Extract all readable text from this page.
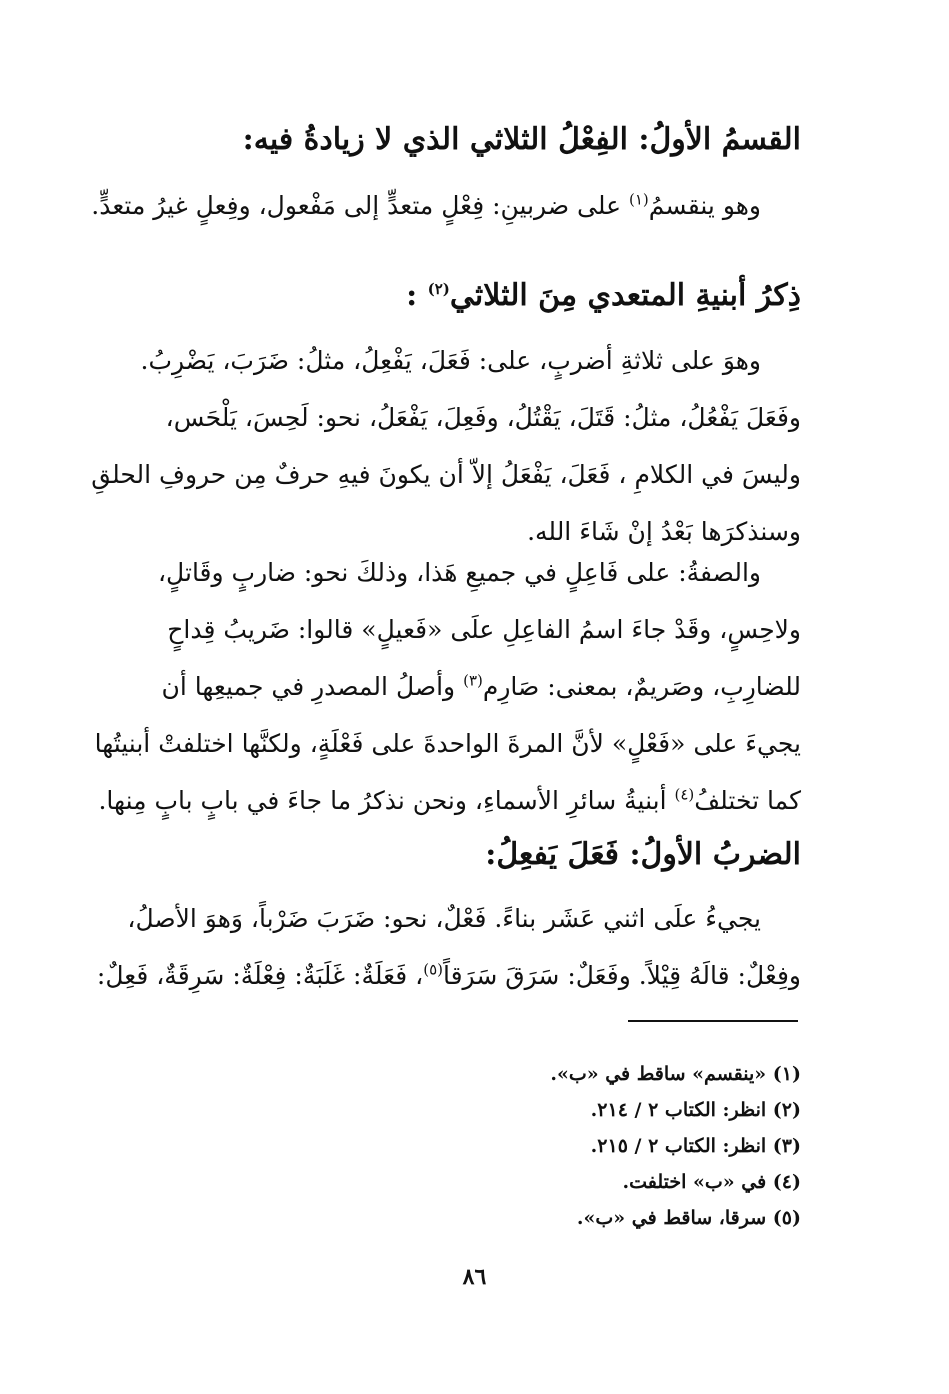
القسمُ الأولُ: الفِعْلُ الثلاثي الذي لا زيادةُ فيه:
وهو ينقسمُ$^{(١)}$ على ضربينِ: فِعْلٍ متعدٍّ إلى مَفْعول، وفِعلٍ غيرُ متعدٍّ.
ذِكرُ أبنيةِ المتعدي مِنَ الثلاثي$^{(٢)}$ :
وهوَ على ثلاثةِ أضربٍ، على: فَعَلَ، يَفْعِلُ، مثلُ: ضَرَبَ، يَضْرِبُ.
وفَعَلَ يَفْعُلُ، مثلُ: قَتَلَ، يَقْتُلُ، وفَعِلَ، يَفْعَلُ، نحو: لَحِسَ، يَلْحَس،
وليسَ في الكلامِ ، فَعَلَ، يَفْعَلُ إلاّ أن يكونَ فيهِ حرفٌ مِن حروفِ الحلقِ
وسنذكرَها بَعْدُ إنْ شَاءَ الله.
والصفةُ: على فَاعِلٍ في جميعِ هَذا، وذلكَ نحو: ضاربٍ وقَاتلٍ،
ولاحِسٍ، وقَدْ جاءَ اسمُ الفاعِلِ علَى «فَعيلٍ» قالوا: ضَريبُ قِداحٍ
للضارِبِ، وصَريمٌ، بمعنى: صَارِم$^{(٣)}$ وأصلُ المصدرِ في جميعِها أن
يجيءَ على «فَعْلٍ» لأنَّ المرةَ الواحدةَ على فَعْلَةٍ، ولكنَّها اختلفتْ أبنيتُها
كما تختلفُ$^{(٤)}$ أبنيةُ سائرِ الأسماءِ، ونحن نذكرُ ما جاءَ في بابٍ بابٍ مِنها.
الضربُ الأولُ: فَعَلَ يَفعِلُ:
يجيءُ علَى اثني عَشَر بناءً. فَعْلٌ، نحو: ضَرَبَ ضَرْباً، وَهوَ الأصلُ،
وفِعْلٌ: قالَهُ قِيْلاً. وفَعَلٌ: سَرَقَ سَرَقاً$^{(٥)}$، فَعَلَةٌ: غَلَبَةٌ: فِعْلَةٌ: سَرِقَةٌ، فَعِلٌ:
(١) «ينقسم» ساقط في «ب».
(٢) انظر: الكتاب ٢ / ٢١٤.
(٣) انظر: الكتاب ٢ / ٢١٥.
(٤) في «ب» اختلفت.
(٥) سرقا، ساقط في «ب».
٨٦
